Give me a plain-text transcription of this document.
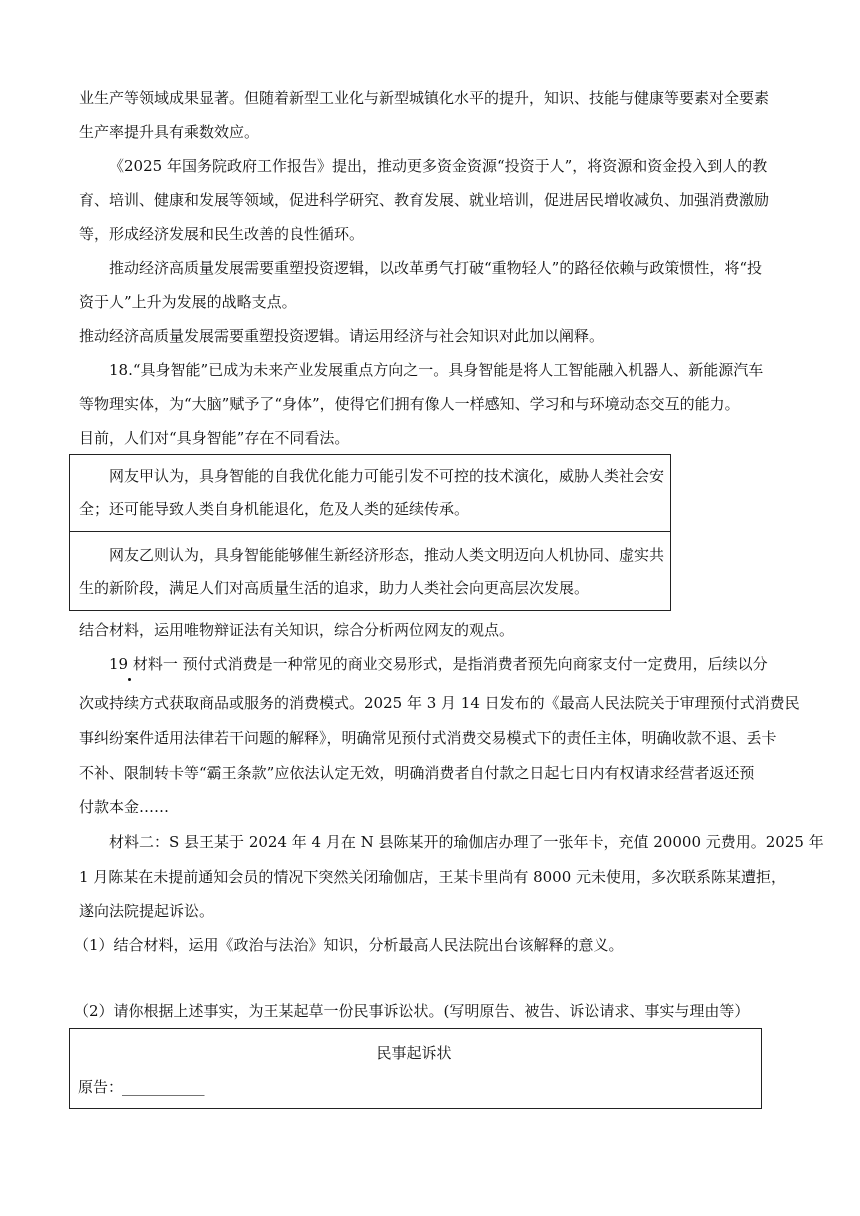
业生产等领域成果显著。但随着新型工业化与新型城镇化水平的提升，知识、技能与健康等要素对全要素
生产率提升具有乘数效应。
《2025 年国务院政府工作报告》提出，推动更多资金资源“投资于人”，将资源和资金投入到人的教
育、培训、健康和发展等领域，促进科学研究、教育发展、就业培训，促进居民增收减负、加强消费激励
等，形成经济发展和民生改善的良性循环。
推动经济高质量发展需要重塑投资逻辑，以改革勇气打破“重物轻人”的路径依赖与政策惯性，将“投
资于人”上升为发展的战略支点。
推动经济高质量发展需要重塑投资逻辑。请运用经济与社会知识对此加以阐释。
18.“具身智能”已成为未来产业发展重点方向之一。具身智能是将人工智能融入机器人、新能源汽车
等物理实体，为“大脑”赋予了“身体”，使得它们拥有像人一样感知、学习和与环境动态交互的能力。
目前，人们对“具身智能”存在不同看法。
网友甲认为，具身智能的自我优化能力可能引发不可控的技术演化，威胁人类社会安
全；还可能导致人类自身机能退化，危及人类的延续传承。
网友乙则认为，具身智能能够催生新经济形态，推动人类文明迈向人机协同、虚实共
生的新阶段，满足人们对高质量生活的追求，助力人类社会向更高层次发展。
结合材料，运用唯物辩证法有关知识，综合分析两位网友的观点。
19 材料一 预付式消费是一种常见的商业交易形式，是指消费者预先向商家支付一定费用，后续以分
次或持续方式获取商品或服务的消费模式。2025 年 3 月 14 日发布的《最高人民法院关于审理预付式消费民
事纠纷案件适用法律若干问题的解释》，明确常见预付式消费交易模式下的责任主体，明确收款不退、丢卡
不补、限制转卡等“霸王条款”应依法认定无效，明确消费者自付款之日起七日内有权请求经营者返还预
付款本金……
材料二：S 县王某于 2024 年 4 月在 N 县陈某开的瑜伽店办理了一张年卡，充值 20000 元费用。2025 年
1 月陈某在未提前通知会员的情况下突然关闭瑜伽店，王某卡里尚有 8000 元未使用，多次联系陈某遭拒，
遂向法院提起诉讼。
（1）结合材料，运用《政治与法治》知识，分析最高人民法院出台该解释的意义。
（2）请你根据上述事实，为王某起草一份民事诉讼状。(写明原告、被告、诉讼请求、事实与理由等）
民事起诉状
原告：
___________
